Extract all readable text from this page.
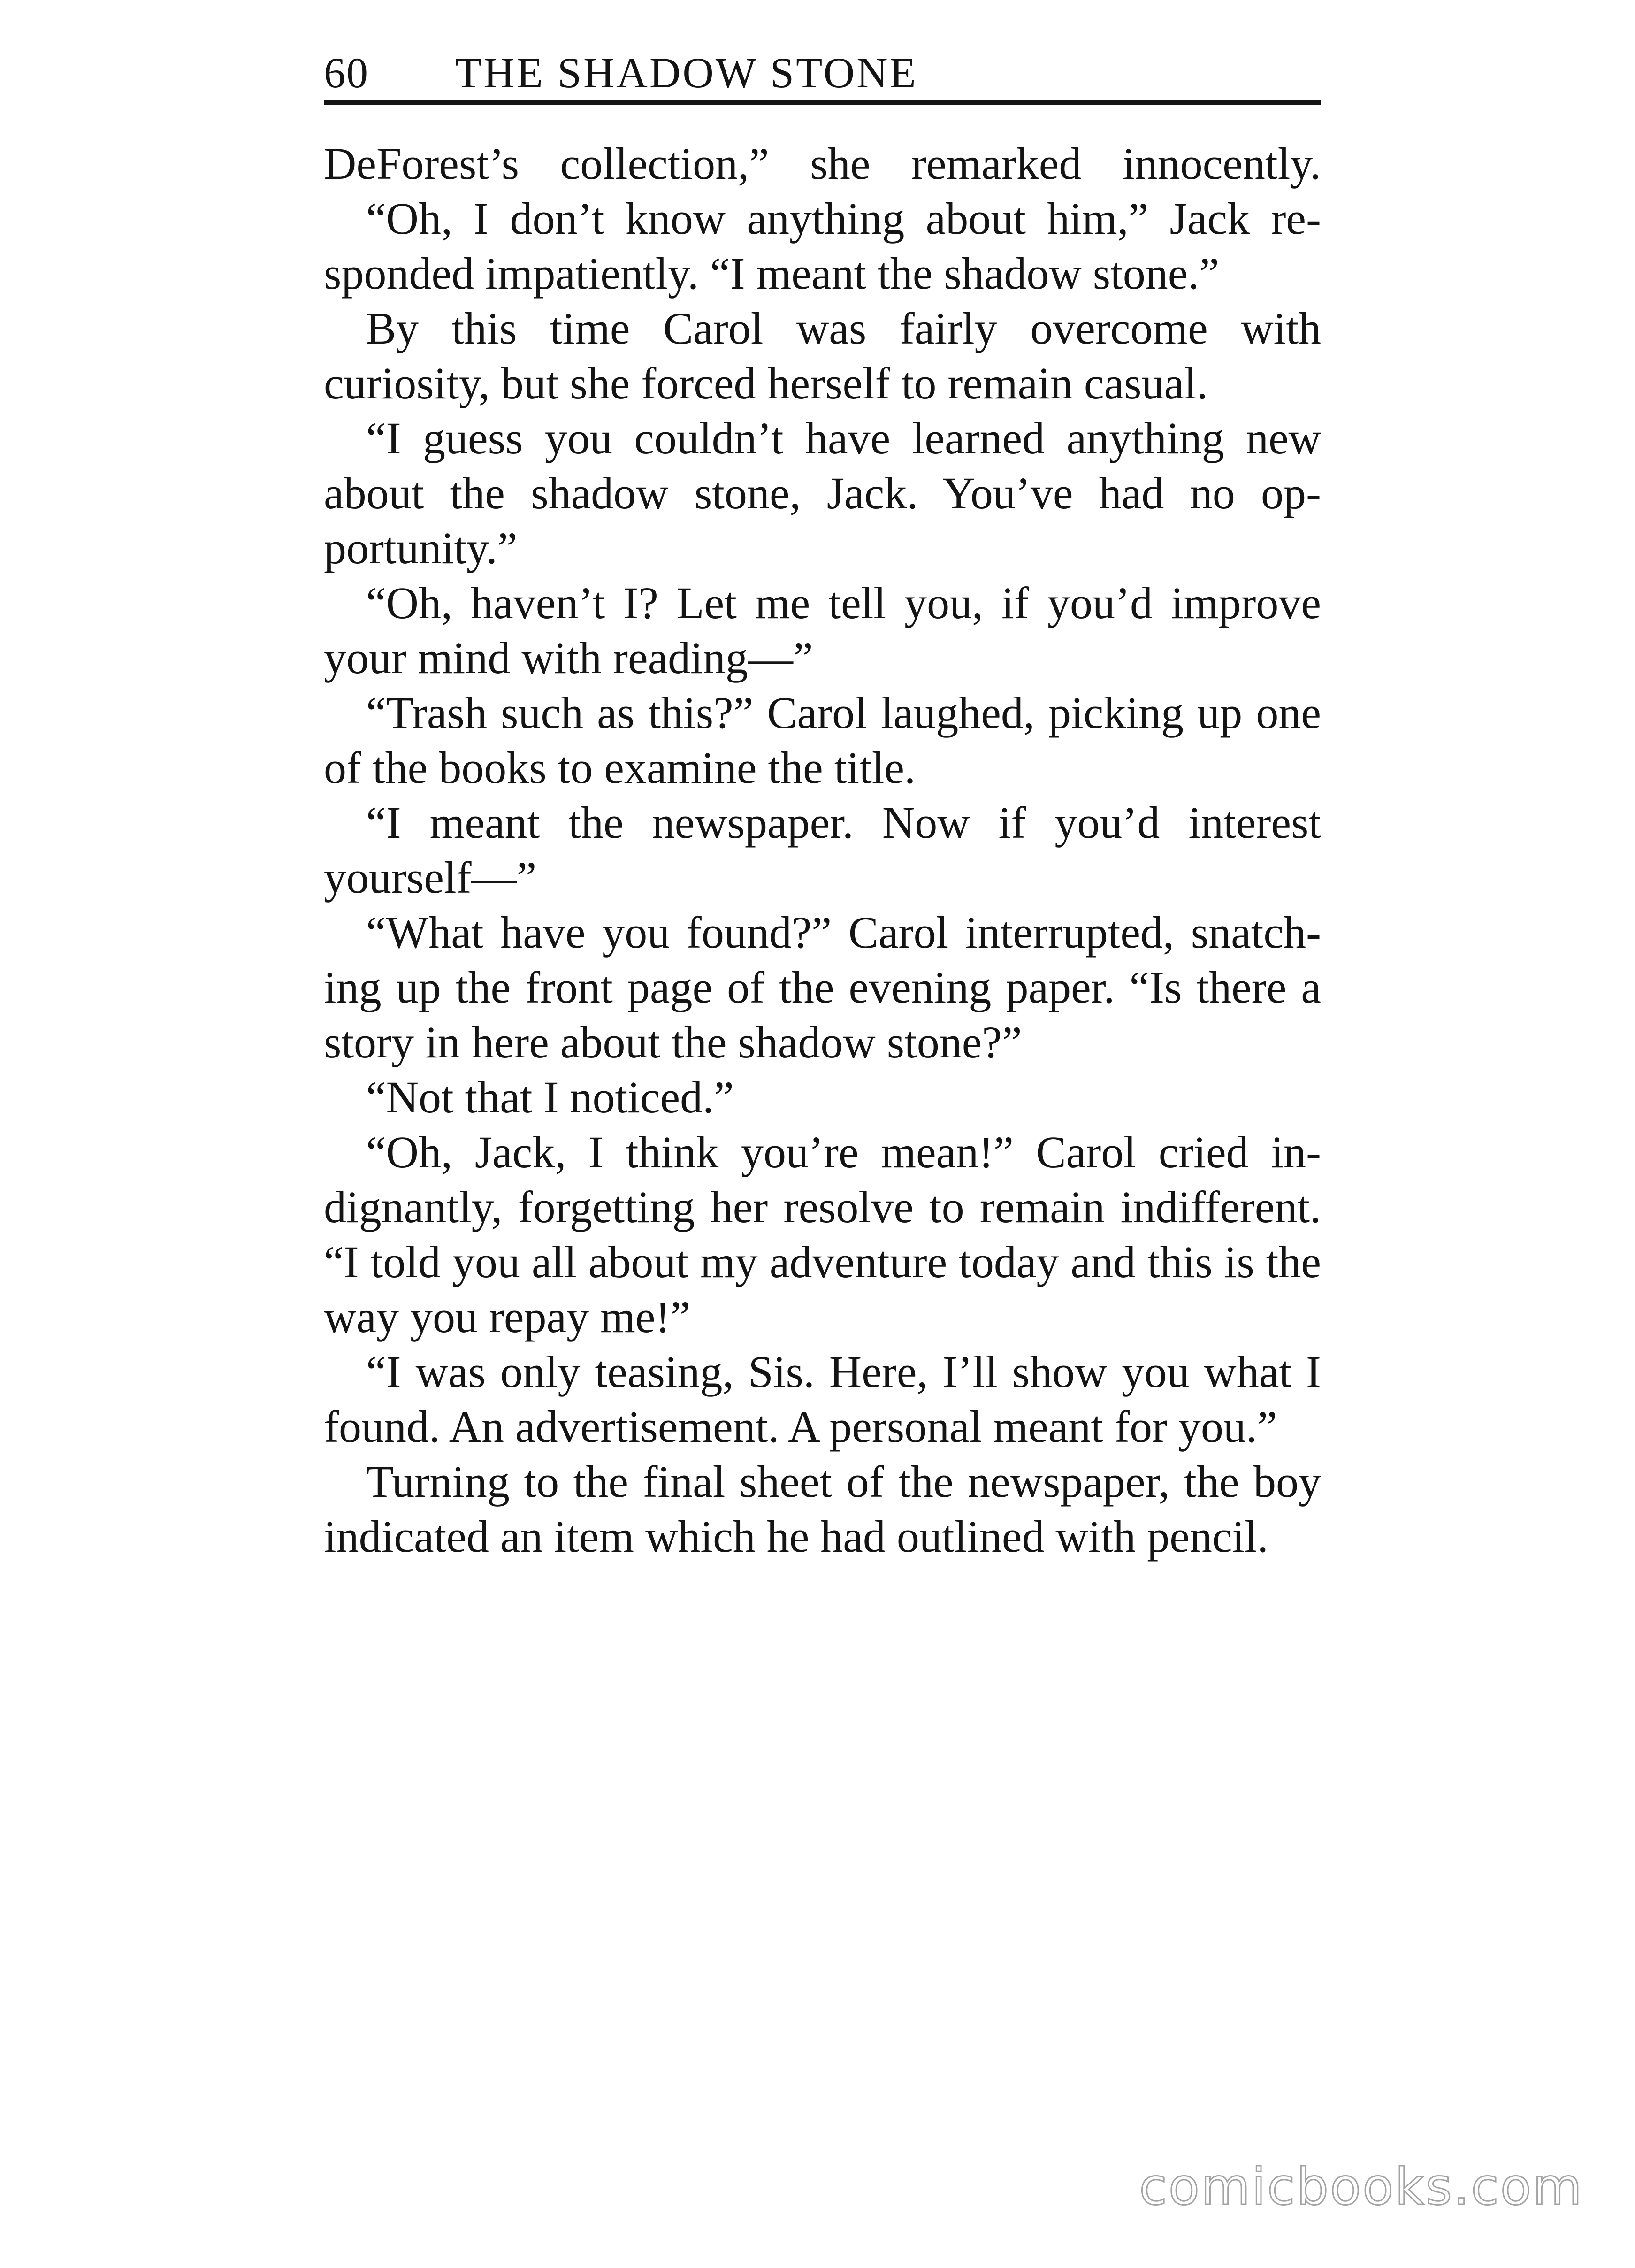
60	THE SHADOW STONE

DeForest’s collection,” she remarked innocently.

“Oh, I don’t know anything about him,” Jack responded impatiently. “I meant the shadow stone.”

By this time Carol was fairly overcome with curiosity, but she forced herself to remain casual.

“I guess you couldn’t have learned anything new about the shadow stone, Jack. You’ve had no opportunity.”

“Oh, haven’t I? Let me tell you, if you’d improve your mind with reading—”

“Trash such as this?” Carol laughed, picking up one of the books to examine the title.

“I meant the newspaper. Now if you’d interest yourself—”

“What have you found?” Carol interrupted, snatching up the front page of the evening paper. “Is there a story in here about the shadow stone?”

“Not that I noticed.”

“Oh, Jack, I think you’re mean!” Carol cried indignantly, forgetting her resolve to remain indifferent. “I told you all about my adventure today and this is the way you repay me!”

“I was only teasing, Sis. Here, I’ll show you what I found. An advertisement. A personal meant for you.”

Turning to the final sheet of the newspaper, the boy indicated an item which he had outlined with pencil.

comicbooks.com
